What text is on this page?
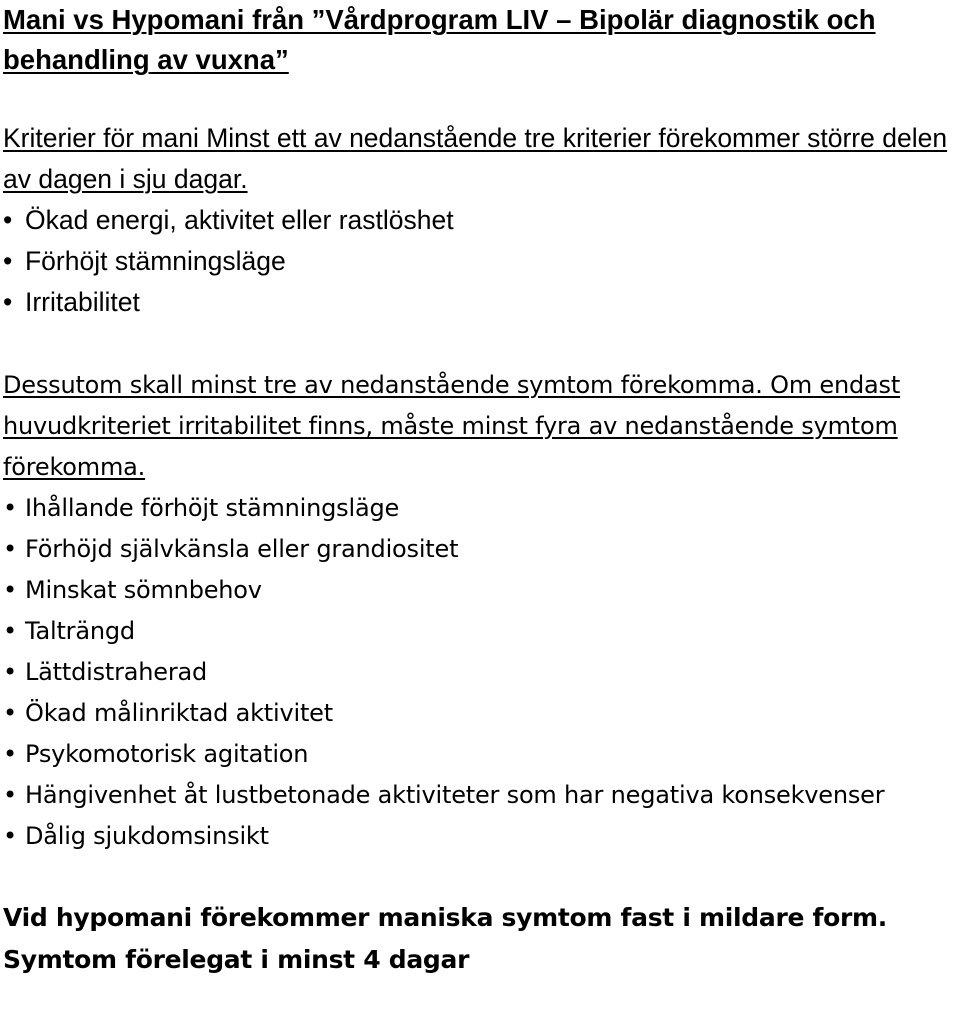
Mani vs Hypomani från ”Vårdprogram LIV – Bipolär diagnostik och behandling av vuxna”

Kriterier för mani Minst ett av nedanstående tre kriterier förekommer större delen av dagen i sju dagar.

• Ökad energi, aktivitet eller rastlöshet
• Förhöjt stämningsläge
• Irritabilitet

Dessutom skall minst tre av nedanstående symtom förekomma. Om endast huvudkriteriet irritabilitet finns, måste minst fyra av nedanstående symtom förekomma.

• Ihållande förhöjt stämningsläge
• Förhöjd självkänsla eller grandiositet
• Minskat sömnbehov
• Talträngd
• Lättdistraherad
• Ökad målinriktad aktivitet
• Psykomotorisk agitation
• Hängivenhet åt lustbetonade aktiviteter som har negativa konsekvenser
• Dålig sjukdomsinsikt

Vid hypomani förekommer maniska symtom fast i mildare form.

Symtom förelegat i minst 4 dagar
